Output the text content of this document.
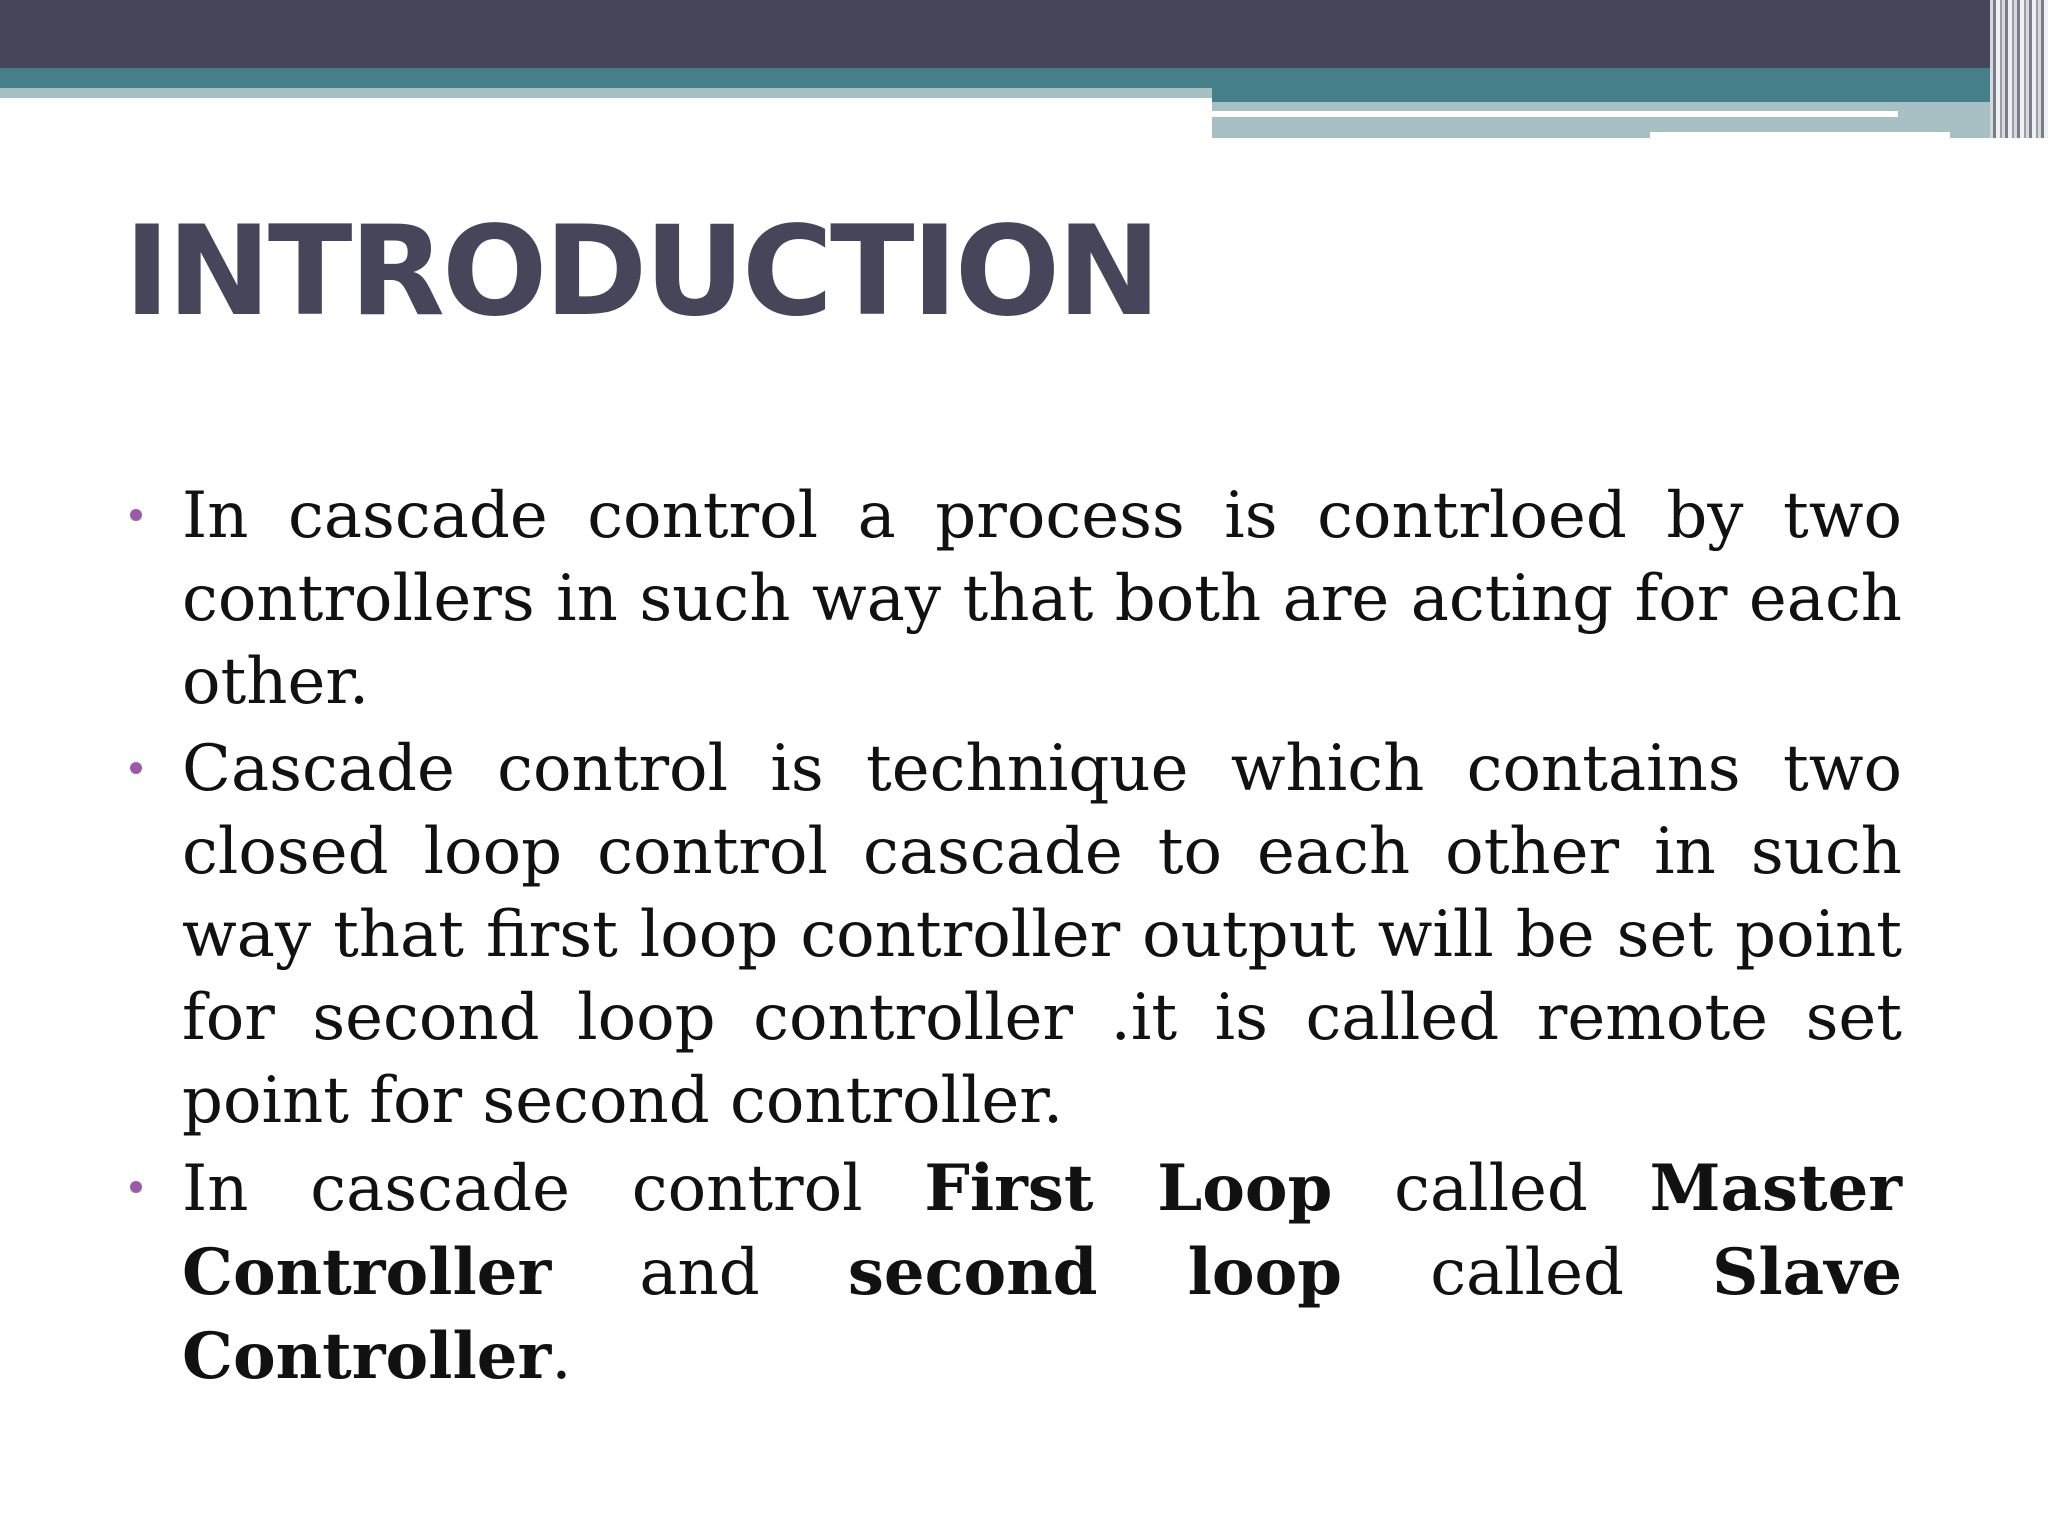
INTRODUCTION
In cascade control a process is contrloed by two controllers in such way that both are acting for each other.
Cascade control is technique which contains two closed loop control cascade to each other in such way that first loop controller output will be set point for second loop controller .it is called remote set point for second controller.
In cascade control First Loop called Master Controller and second loop called Slave Controller.
